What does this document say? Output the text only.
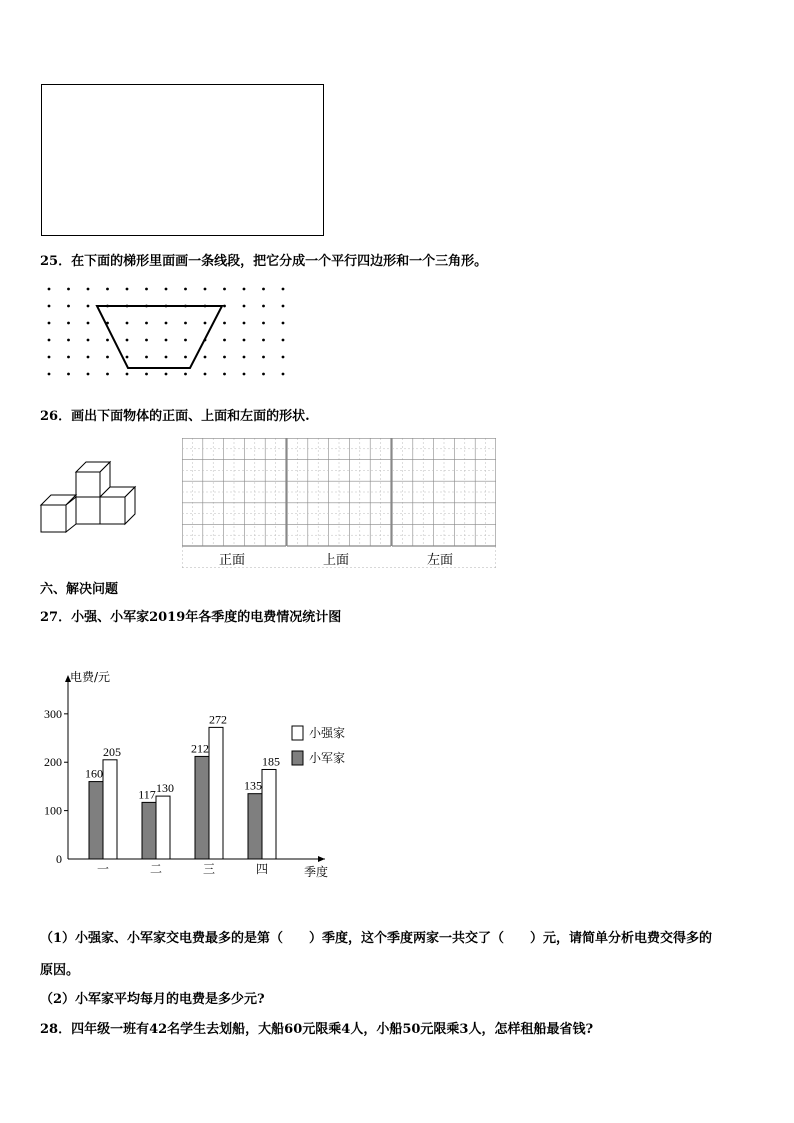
25．在下面的梯形里面画一条线段，把它分成一个平行四边形和一个三角形。
26．画出下面物体的正面、上面和左面的形状.
正面	上面	左面
六、解决问题
27．小强、小军家2019年各季度的电费情况统计图
电费/元
季度
0
100
200
300
一
160
205
二
117 130
三
212
272
四
135
185
小强家
小军家
（1）小强家、小军家交电费最多的是第（　　）季度，这个季度两家一共交了（　　）元，请简单分析电费交得多的
原因。
（2）小军家平均每月的电费是多少元?
28．四年级一班有42名学生去划船，大船60元限乘4人，小船50元限乘3人，怎样租船最省钱?
